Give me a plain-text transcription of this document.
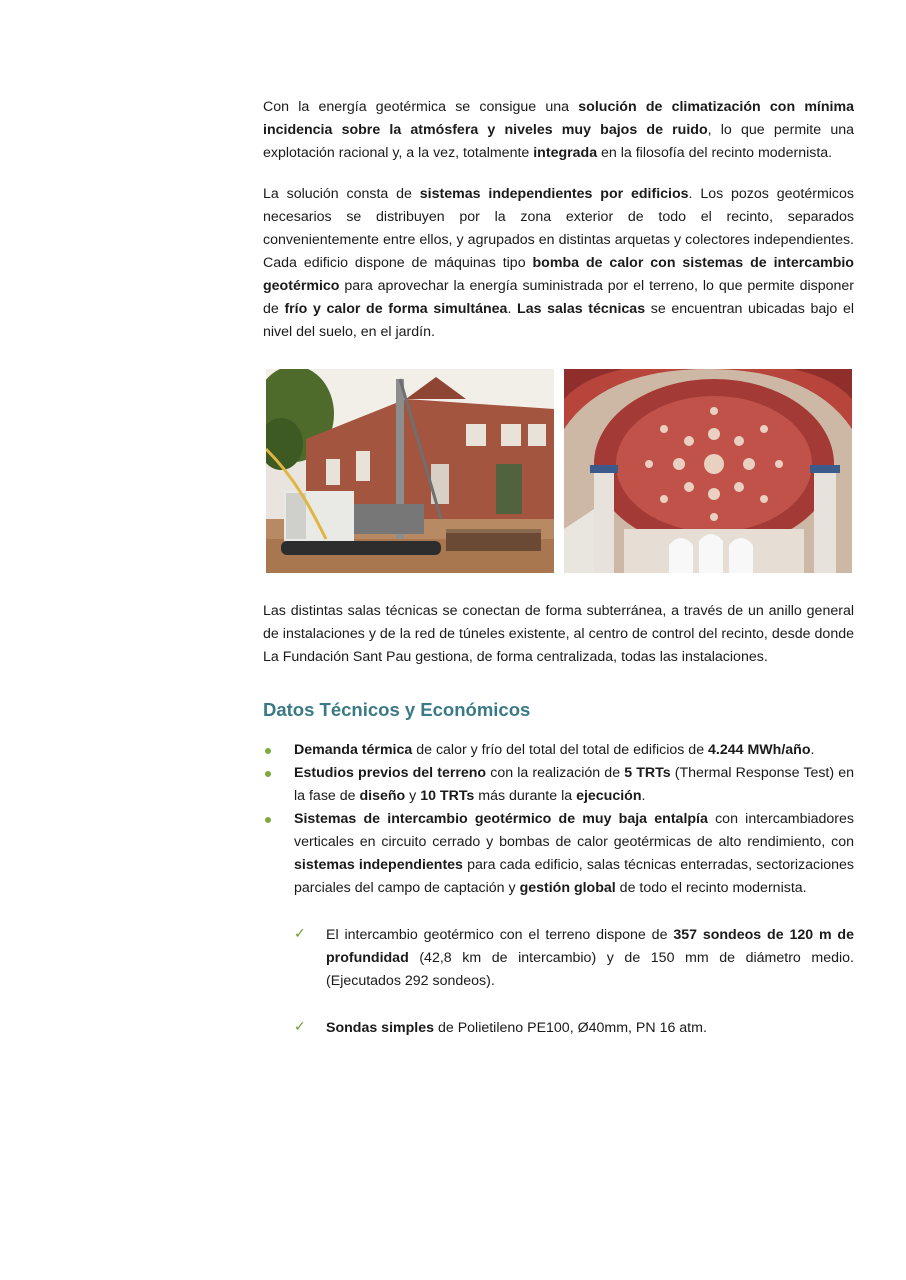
Con la energía geotérmica se consigue una solución de climatización con mínima incidencia sobre la atmósfera y niveles muy bajos de ruido, lo que permite una explotación racional y, a la vez, totalmente integrada en la filosofía del recinto modernista.

La solución consta de sistemas independientes por edificios. Los pozos geotérmicos necesarios se distribuyen por la zona exterior de todo el recinto, separados convenientemente entre ellos, y agrupados en distintas arquetas y colectores independientes. Cada edificio dispone de máquinas tipo bomba de calor con sistemas de intercambio geotérmico para aprovechar la energía suministrada por el terreno, lo que permite disponer de frío y calor de forma simultánea. Las salas técnicas se encuentran ubicadas bajo el nivel del suelo, en el jardín.

Las distintas salas técnicas se conectan de forma subterránea, a través de un anillo general de instalaciones y de la red de túneles existente, al centro de control del recinto, desde donde La Fundación Sant Pau gestiona, de forma centralizada, todas las instalaciones.

Datos Técnicos y Económicos
Demanda térmica de calor y frío del total del total de edificios de 4.244 MWh/año.
Estudios previos del terreno con la realización de 5 TRTs (Thermal Response Test) en la fase de diseño y 10 TRTs más durante la ejecución.
Sistemas de intercambio geotérmico de muy baja entalpía con intercambiadores verticales en circuito cerrado y bombas de calor geotérmicas de alto rendimiento, con sistemas independientes para cada edificio, salas técnicas enterradas, sectorizaciones parciales del campo de captación y gestión global de todo el recinto modernista.
✓ El intercambio geotérmico con el terreno dispone de 357 sondeos de 120 m de profundidad (42,8 km de intercambio) y de 150 mm de diámetro medio. (Ejecutados 292 sondeos).
✓ Sondas simples de Polietileno PE100, Ø40mm, PN 16 atm.
